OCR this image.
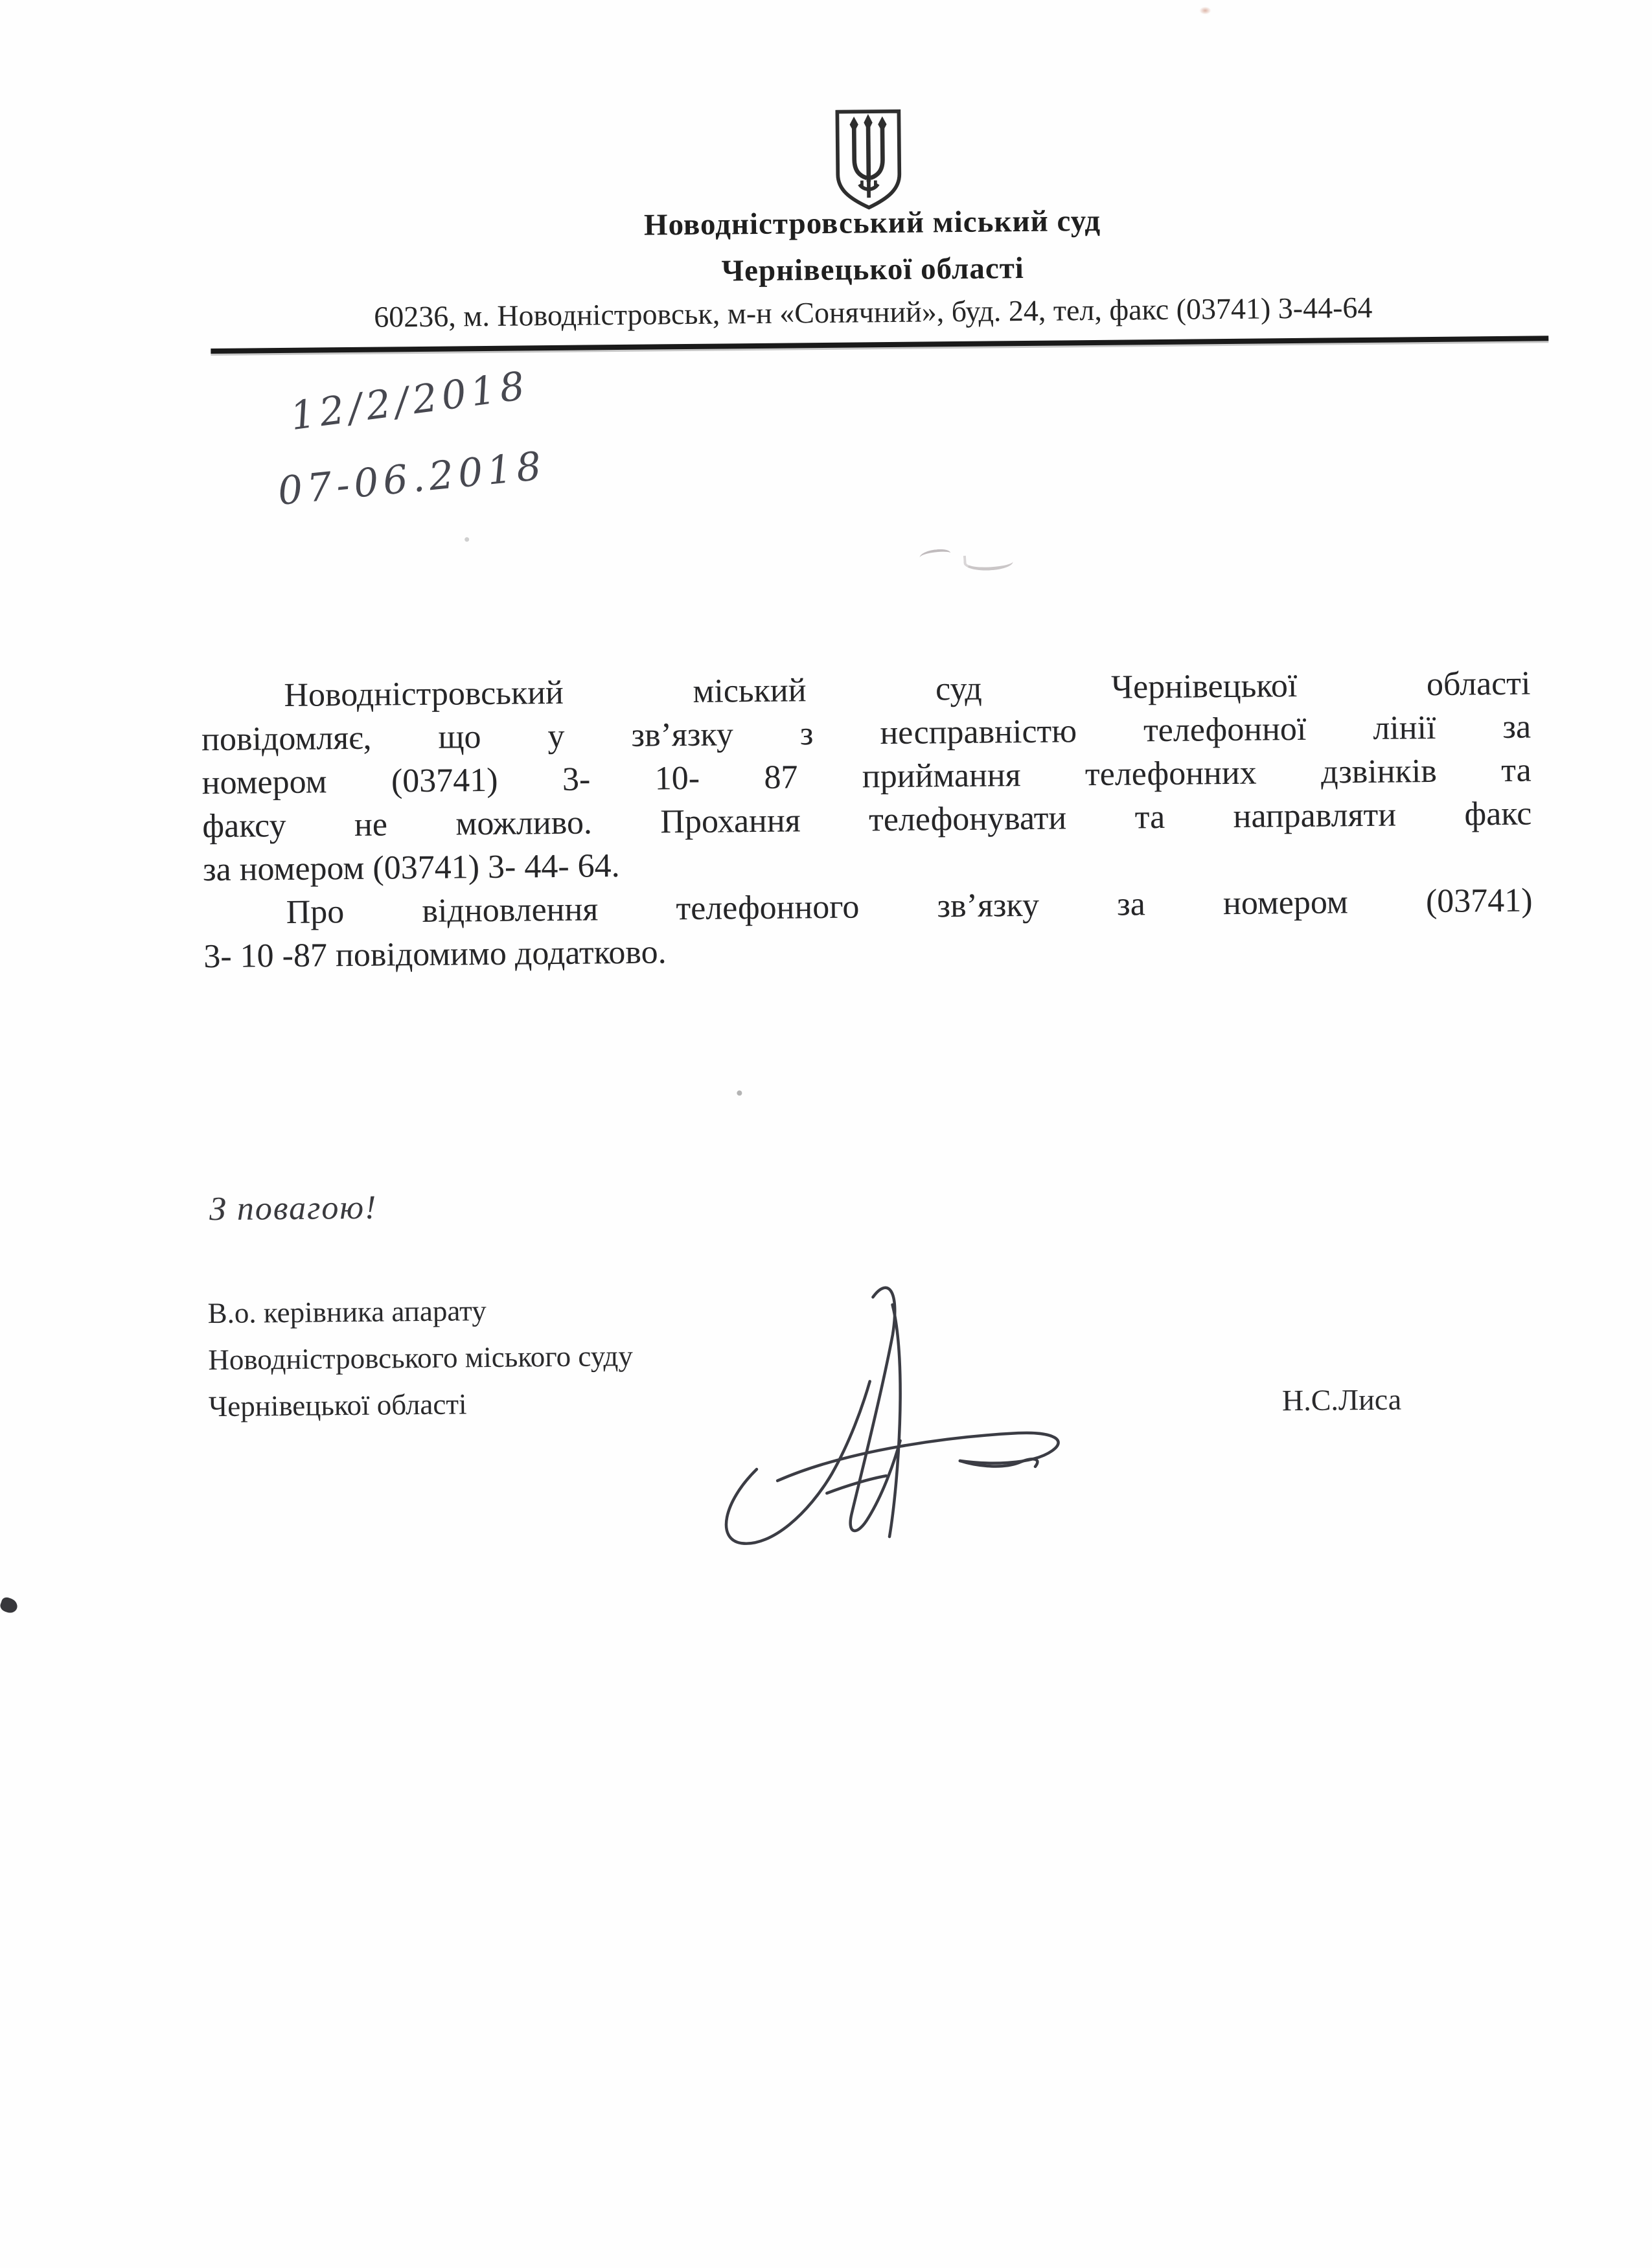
Новодністровський міський суд
Чернівецької області
60236, м. Новодністровськ, м-н «Сонячний», буд. 24, тел, факс (03741) 3-44-64
12/2/2018
07-06.2018
Новодністровський міський суд Чернівецької області
повідомляє, що у зв’язку з несправністю телефонної лінії за
номером (03741) 3- 10- 87 приймання телефонних дзвінків та
факсу не можливо. Прохання телефонувати та направляти факс
за номером (03741) 3- 44- 64.
Про відновлення телефонного зв’язку за номером (03741)
3- 10 -87 повідомимо додатково.
З повагою!
В.о. керівника апарату
Новодністровського міського суду
Чернівецької області	Н.С.Лиса
